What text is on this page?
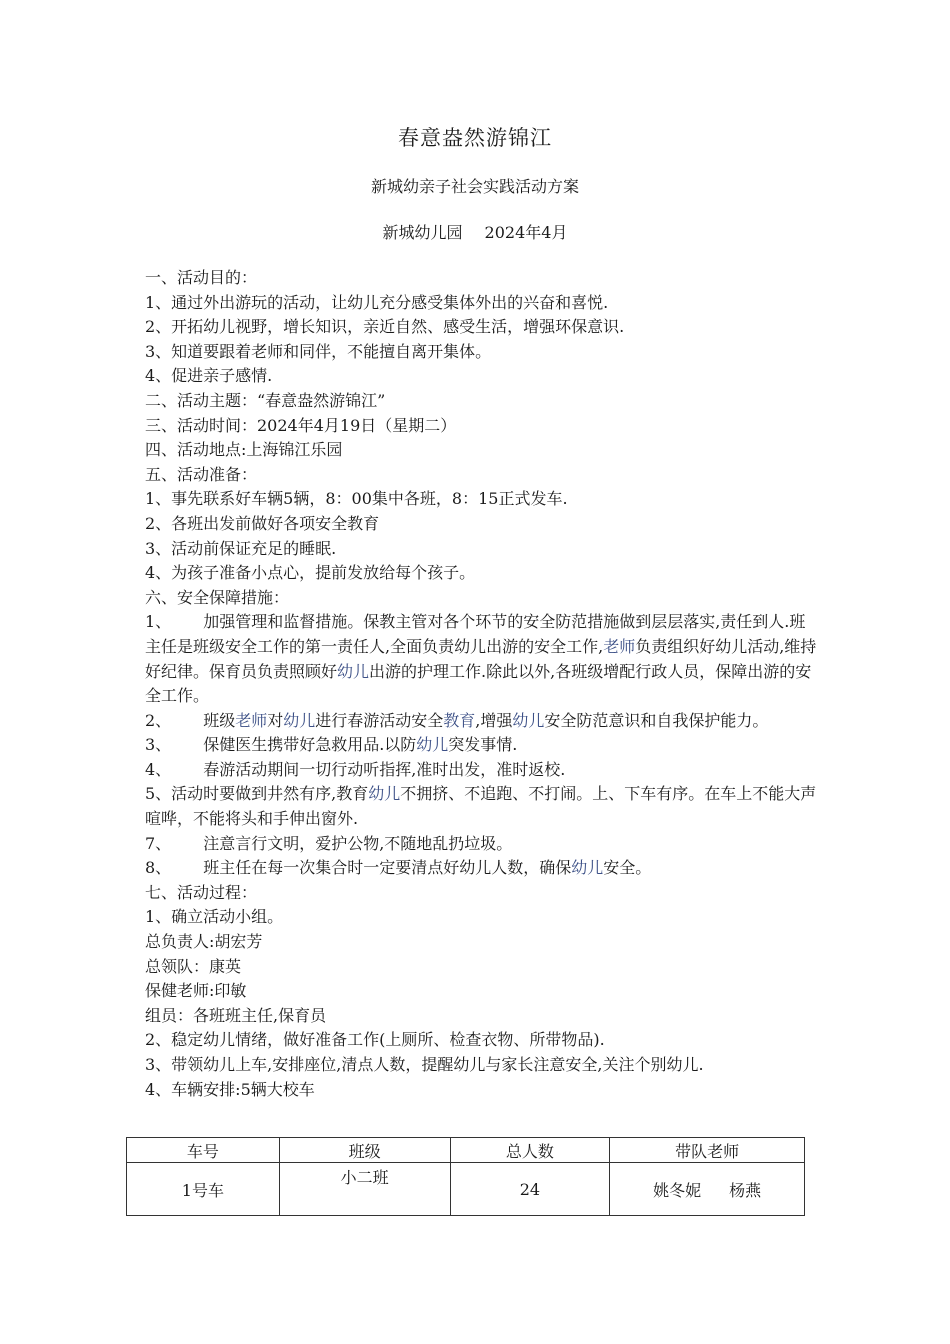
春意盎然游锦江
新城幼亲子社会实践活动方案
新城幼儿园 2024年4月

一、活动目的：

1、通过外出游玩的活动，让幼儿充分感受集体外出的兴奋和喜悦.

2、开拓幼儿视野，增长知识，亲近自然、感受生活，增强环保意识.

3、知道要跟着老师和同伴，不能擅自离开集体。

4、促进亲子感情.

二、活动主题：“春意盎然游锦江”

三、活动时间：2024年4月19日（星期二）

四、活动地点:上海锦江乐园

五、活动准备：

1、事先联系好车辆5辆，8：00集中各班，8：15正式发车.

2、各班出发前做好各项安全教育

3、活动前保证充足的睡眠.

4、为孩子准备小点心，提前发放给每个孩子。

六、安全保障措施：

1、 加强管理和监督措施。保教主管对各个环节的安全防范措施做到层层落实,责任到人.班主任是班级安全工作的第一责任人,全面负责幼儿出游的安全工作,老师负责组织好幼儿活动,维持好纪律。保育员负责照顾好幼儿出游的护理工作.除此以外,各班级增配行政人员，保障出游的安全工作。

2、 班级老师对幼儿进行春游活动安全教育,增强幼儿安全防范意识和自我保护能力。

3、 保健医生携带好急救用品.以防幼儿突发事情.

4、 春游活动期间一切行动听指挥,准时出发，准时返校.

5、活动时要做到井然有序,教育幼儿不拥挤、不追跑、不打闹。上、下车有序。在车上不能大声喧哗，不能将头和手伸出窗外.

7、 注意言行文明，爱护公物,不随地乱扔垃圾。

8、 班主任在每一次集合时一定要清点好幼儿人数，确保幼儿安全。

七、活动过程：

1、确立活动小组。

总负责人:胡宏芳

总领队：康英

保健老师:印敏

组员：各班班主任,保育员

2、稳定幼儿情绪，做好准备工作(上厕所、检查衣物、所带物品).

3、带领幼儿上车,安排座位,清点人数，提醒幼儿与家长注意安全,关注个别幼儿.

4、车辆安排:5辆大校车

车号	班级	总人数	带队老师
1号车	小二班	24	姚冬妮 杨燕
